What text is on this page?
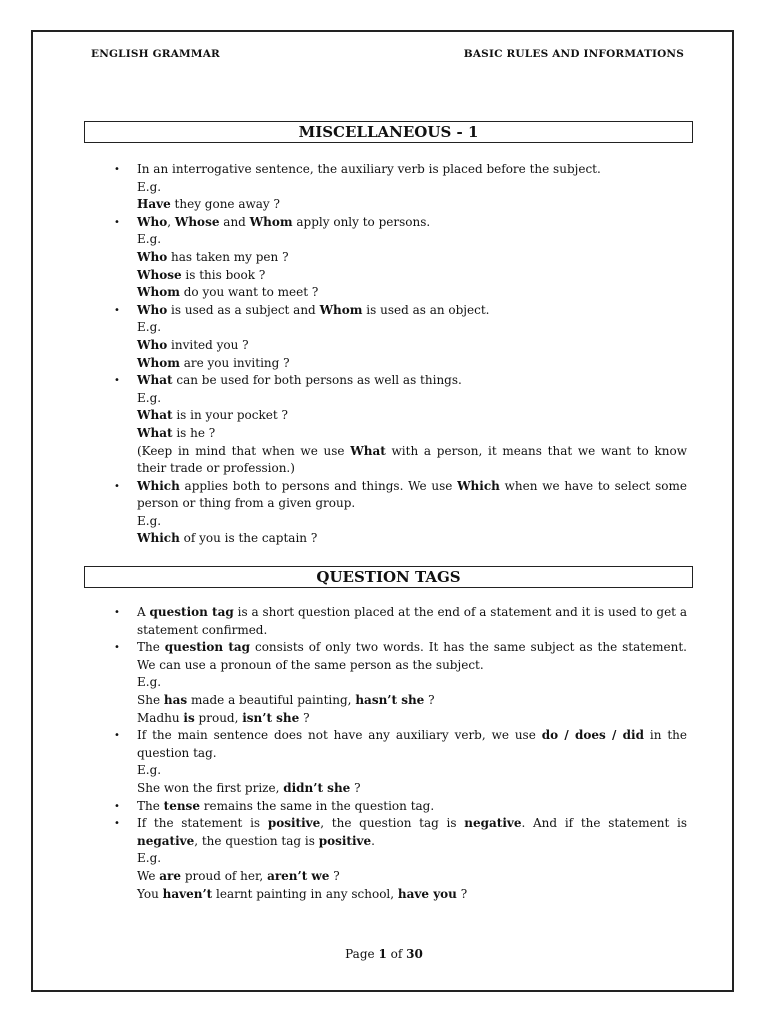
ENGLISH GRAMMAR	BASIC RULES AND INFORMATIONS
MISCELLANEOUS - 1
• In an interrogative sentence, the auxiliary verb is placed before the subject.
E.g.
Have they gone away ?
• Who, Whose and Whom apply only to persons.
E.g.
Who has taken my pen ?
Whose is this book ?
Whom do you want to meet ?
• Who is used as a subject and Whom is used as an object.
E.g.
Who invited you ?
Whom are you inviting ?
• What can be used for both persons as well as things.
E.g.
What is in your pocket ?
What is he ?
(Keep in mind that when we use What with a person, it means that we want to know their trade or profession.)
• Which applies both to persons and things. We use Which when we have to select some person or thing from a given group.
E.g.
Which of you is the captain ?
QUESTION TAGS
• A question tag is a short question placed at the end of a statement and it is used to get a statement confirmed.
• The question tag consists of only two words. It has the same subject as the statement. We can use a pronoun of the same person as the subject.
E.g.
She has made a beautiful painting, hasn’t she ?
Madhu is proud, isn’t she ?
• If the main sentence does not have any auxiliary verb, we use do / does / did in the question tag.
E.g.
She won the first prize, didn’t she ?
• The tense remains the same in the question tag.
• If the statement is positive, the question tag is negative. And if the statement is negative, the question tag is positive.
E.g.
We are proud of her, aren’t we ?
You haven’t learnt painting in any school, have you ?
Page 1 of 30
